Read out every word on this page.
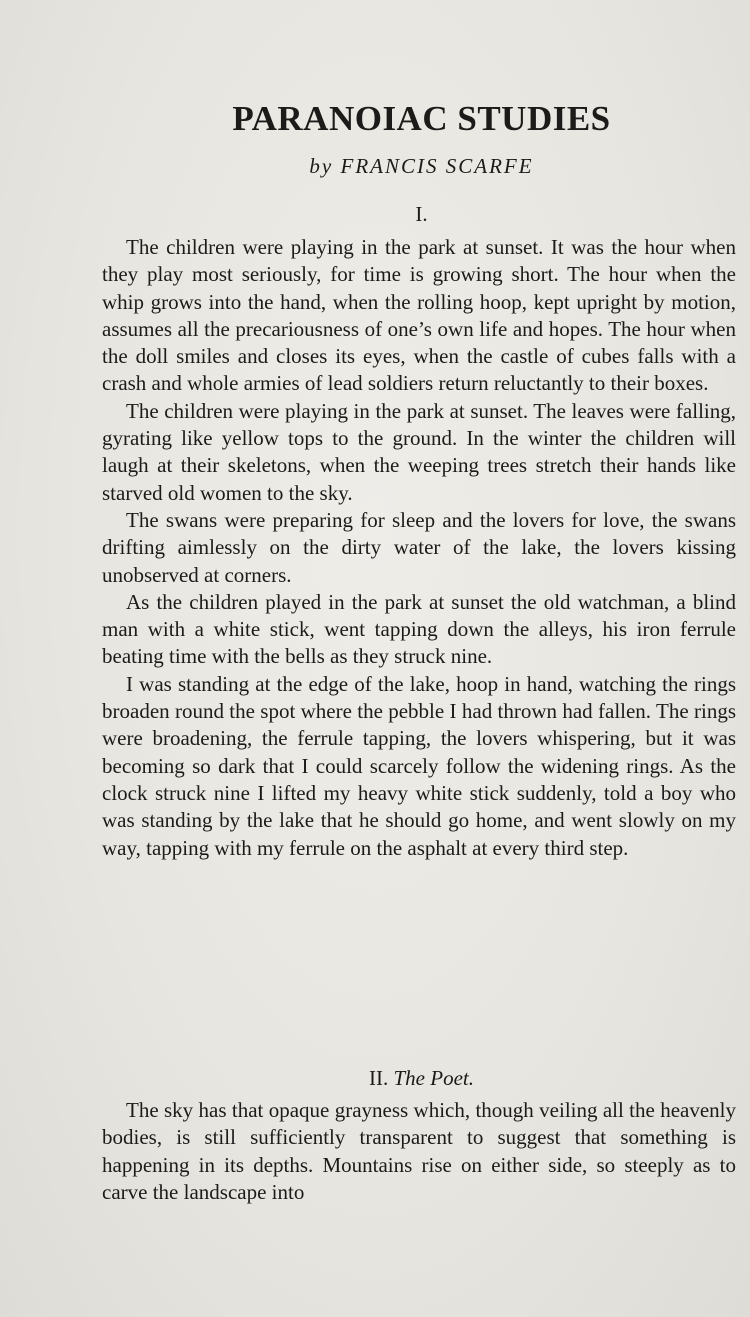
PARANOIAC STUDIES
by FRANCIS SCARFE
I.

The children were playing in the park at sunset. It was the hour when they play most seriously, for time is growing short. The hour when the whip grows into the hand, when the rolling hoop, kept upright by motion, assumes all the precariousness of one’s own life and hopes. The hour when the doll smiles and closes its eyes, when the castle of cubes falls with a crash and whole armies of lead soldiers return reluctantly to their boxes.

The children were playing in the park at sunset. The leaves were falling, gyrating like yellow tops to the ground. In the winter the children will laugh at their skeletons, when the weeping trees stretch their hands like starved old women to the sky.

The swans were preparing for sleep and the lovers for love, the swans drifting aimlessly on the dirty water of the lake, the lovers kissing unobserved at corners.

As the children played in the park at sunset the old watchman, a blind man with a white stick, went tapping down the alleys, his iron ferrule beating time with the bells as they struck nine.

I was standing at the edge of the lake, hoop in hand, watching the rings broaden round the spot where the pebble I had thrown had fallen. The rings were broadening, the ferrule tapping, the lovers whispering, but it was becoming so dark that I could scarcely follow the widening rings. As the clock struck nine I lifted my heavy white stick suddenly, told a boy who was standing by the lake that he should go home, and went slowly on my way, tapping with my ferrule on the asphalt at every third step.

II. The Poet.

The sky has that opaque grayness which, though veiling all the heavenly bodies, is still sufficiently transparent to suggest that something is happening in its depths. Mountains rise on either side, so steeply as to carve the landscape into
